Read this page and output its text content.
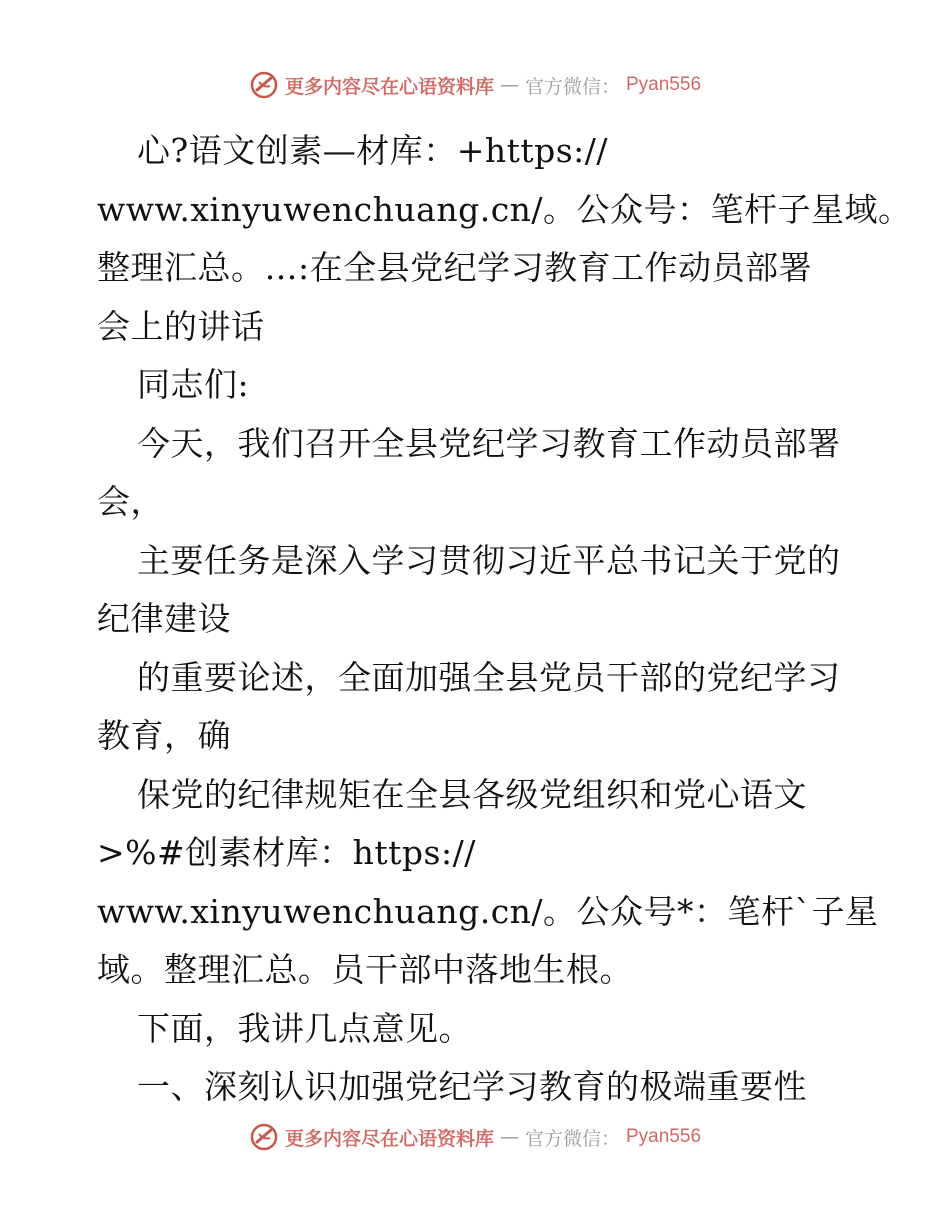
更多内容尽在心语资料库 — 官方微信： Pyan556
心?语文创素—材库：+https://
www.xinyuwenchuang.cn/。公众号：笔杆子星域。
整理汇总。…:在全县党纪学习教育工作动员部署
会上的讲话
同志们:
今天，我们召开全县党纪学习教育工作动员部署
会，
主要任务是深入学习贯彻习近平总书记关于党的
纪律建设
的重要论述，全面加强全县党员干部的党纪学习
教育，确
保党的纪律规矩在全县各级党组织和党心语文
>%#创素材库：https://
www.xinyuwenchuang.cn/。公众号*：笔杆`子星
域。整理汇总。员干部中落地生根。
下面，我讲几点意见。
一、深刻认识加强党纪学习教育的极端重要性
更多内容尽在心语资料库 — 官方微信： Pyan556
